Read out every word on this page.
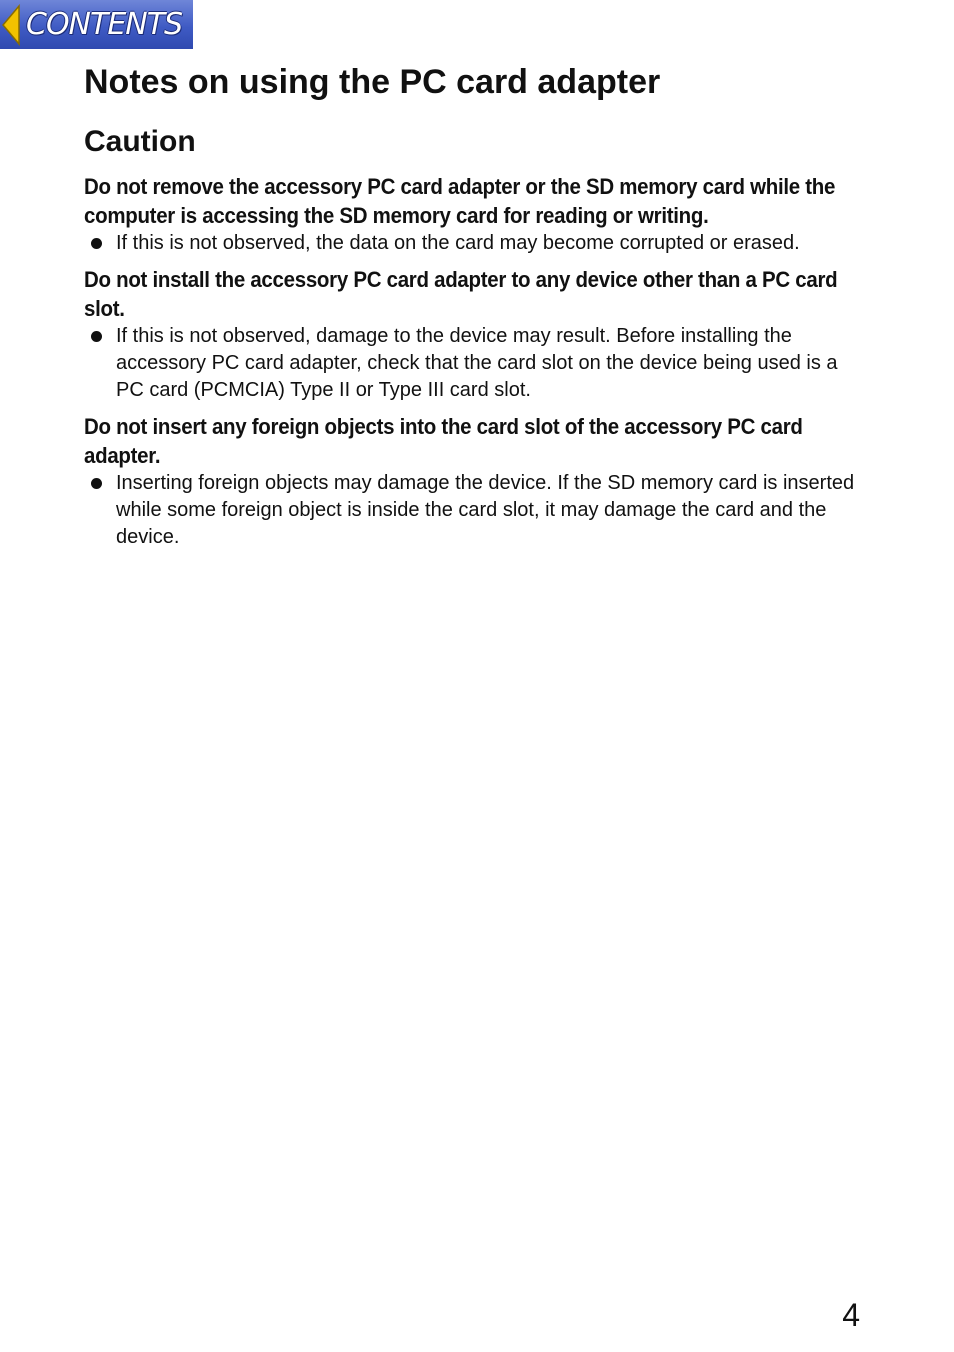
CONTENTS
Notes on using the PC card adapter
Caution
Do not remove the accessory PC card adapter or the SD memory card while the computer is accessing the SD memory card for reading or writing.
If this is not observed, the data on the card may become corrupted or erased.
Do not install the accessory PC card adapter to any device other than a PC card slot.
If this is not observed, damage to the device may result. Before installing the accessory PC card adapter, check that the card slot on the device being used is a PC card (PCMCIA) Type II or Type III card slot.
Do not insert any foreign objects into the card slot of the accessory PC card adapter.
Inserting foreign objects may damage the device. If the SD memory card is inserted while some foreign object is inside the card slot, it may damage the card and the device.
4
